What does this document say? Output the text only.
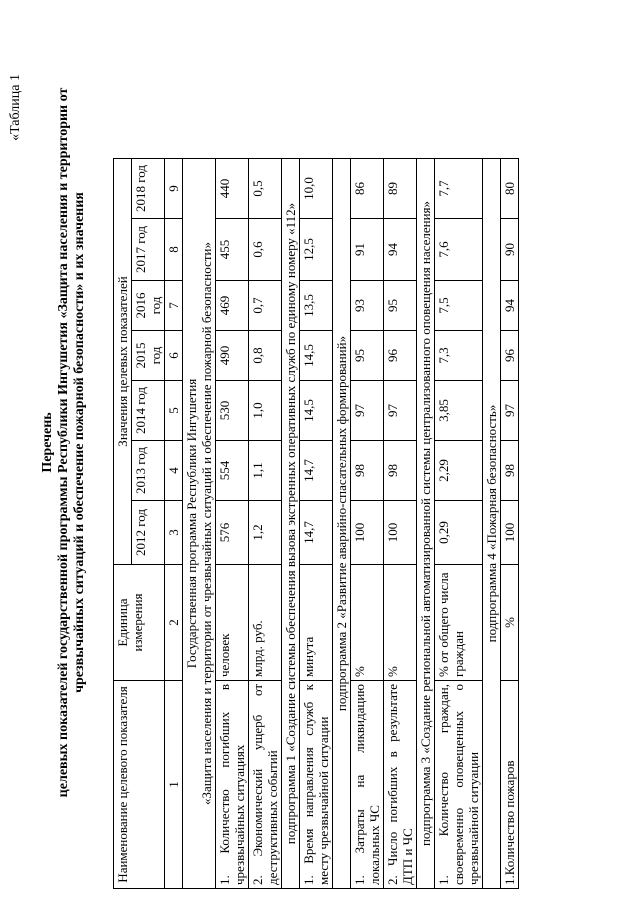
«Таблица 1
Перечень целевых показателей государственной программы Республики Ингушетия «Защита населения и территории от чрезвычайных ситуаций и обеспечение пожарной безопасности» и их значения
Наименование целевого показателя	Единица измерения	Значения целевых показателей						
		2012 год	2013 год	2014 год	2015 год	2016 год	2017 год	2018 год
1	2	3	4	5	6	7	8	9

Государственная программа Республики Ингушетия «Защита населения и территории от чрезвычайных ситуаций и обеспечение пожарной безопасности»								

1. Количество погибших в чрезвычайных ситуациях	человек	576	554	530	490	469	455	440
2. Экономический ущерб от деструктивных событий	млрд. руб.	1,2	1,1	1,0	0,8	0,7	0,6	0,5
подпрограмма 1 «Создание системы обеспечения вызова экстренных оперативных служб по единому номеру «112»								
1. Время направления служб к месту чрезвычайной ситуации	минута	14,7	14,7	14,5	14,5	13,5	12,5	10,0
подпрограмма 2 «Развитие аварийно-спасательных формирований»								
1. Затраты на ликвидацию локальных ЧС	%	100	98	97	95	93	91	86
2. Число погибших в результате ДТП и ЧС	%	100	98	97	96	95	94	89
подпрограмма 3 «Создание региональной автоматизированной системы централизованного оповещения населения»								
1. Количество граждан, своевременно оповещенных о чрезвычайной ситуации	% от общего числа граждан	0,29	2,29	3,85	7,3	7,5	7,6	7,7
подпрограмма 4 «Пожарная безопасность»								
1.Количество пожаров	%	100	98	97	96	94	90	80
